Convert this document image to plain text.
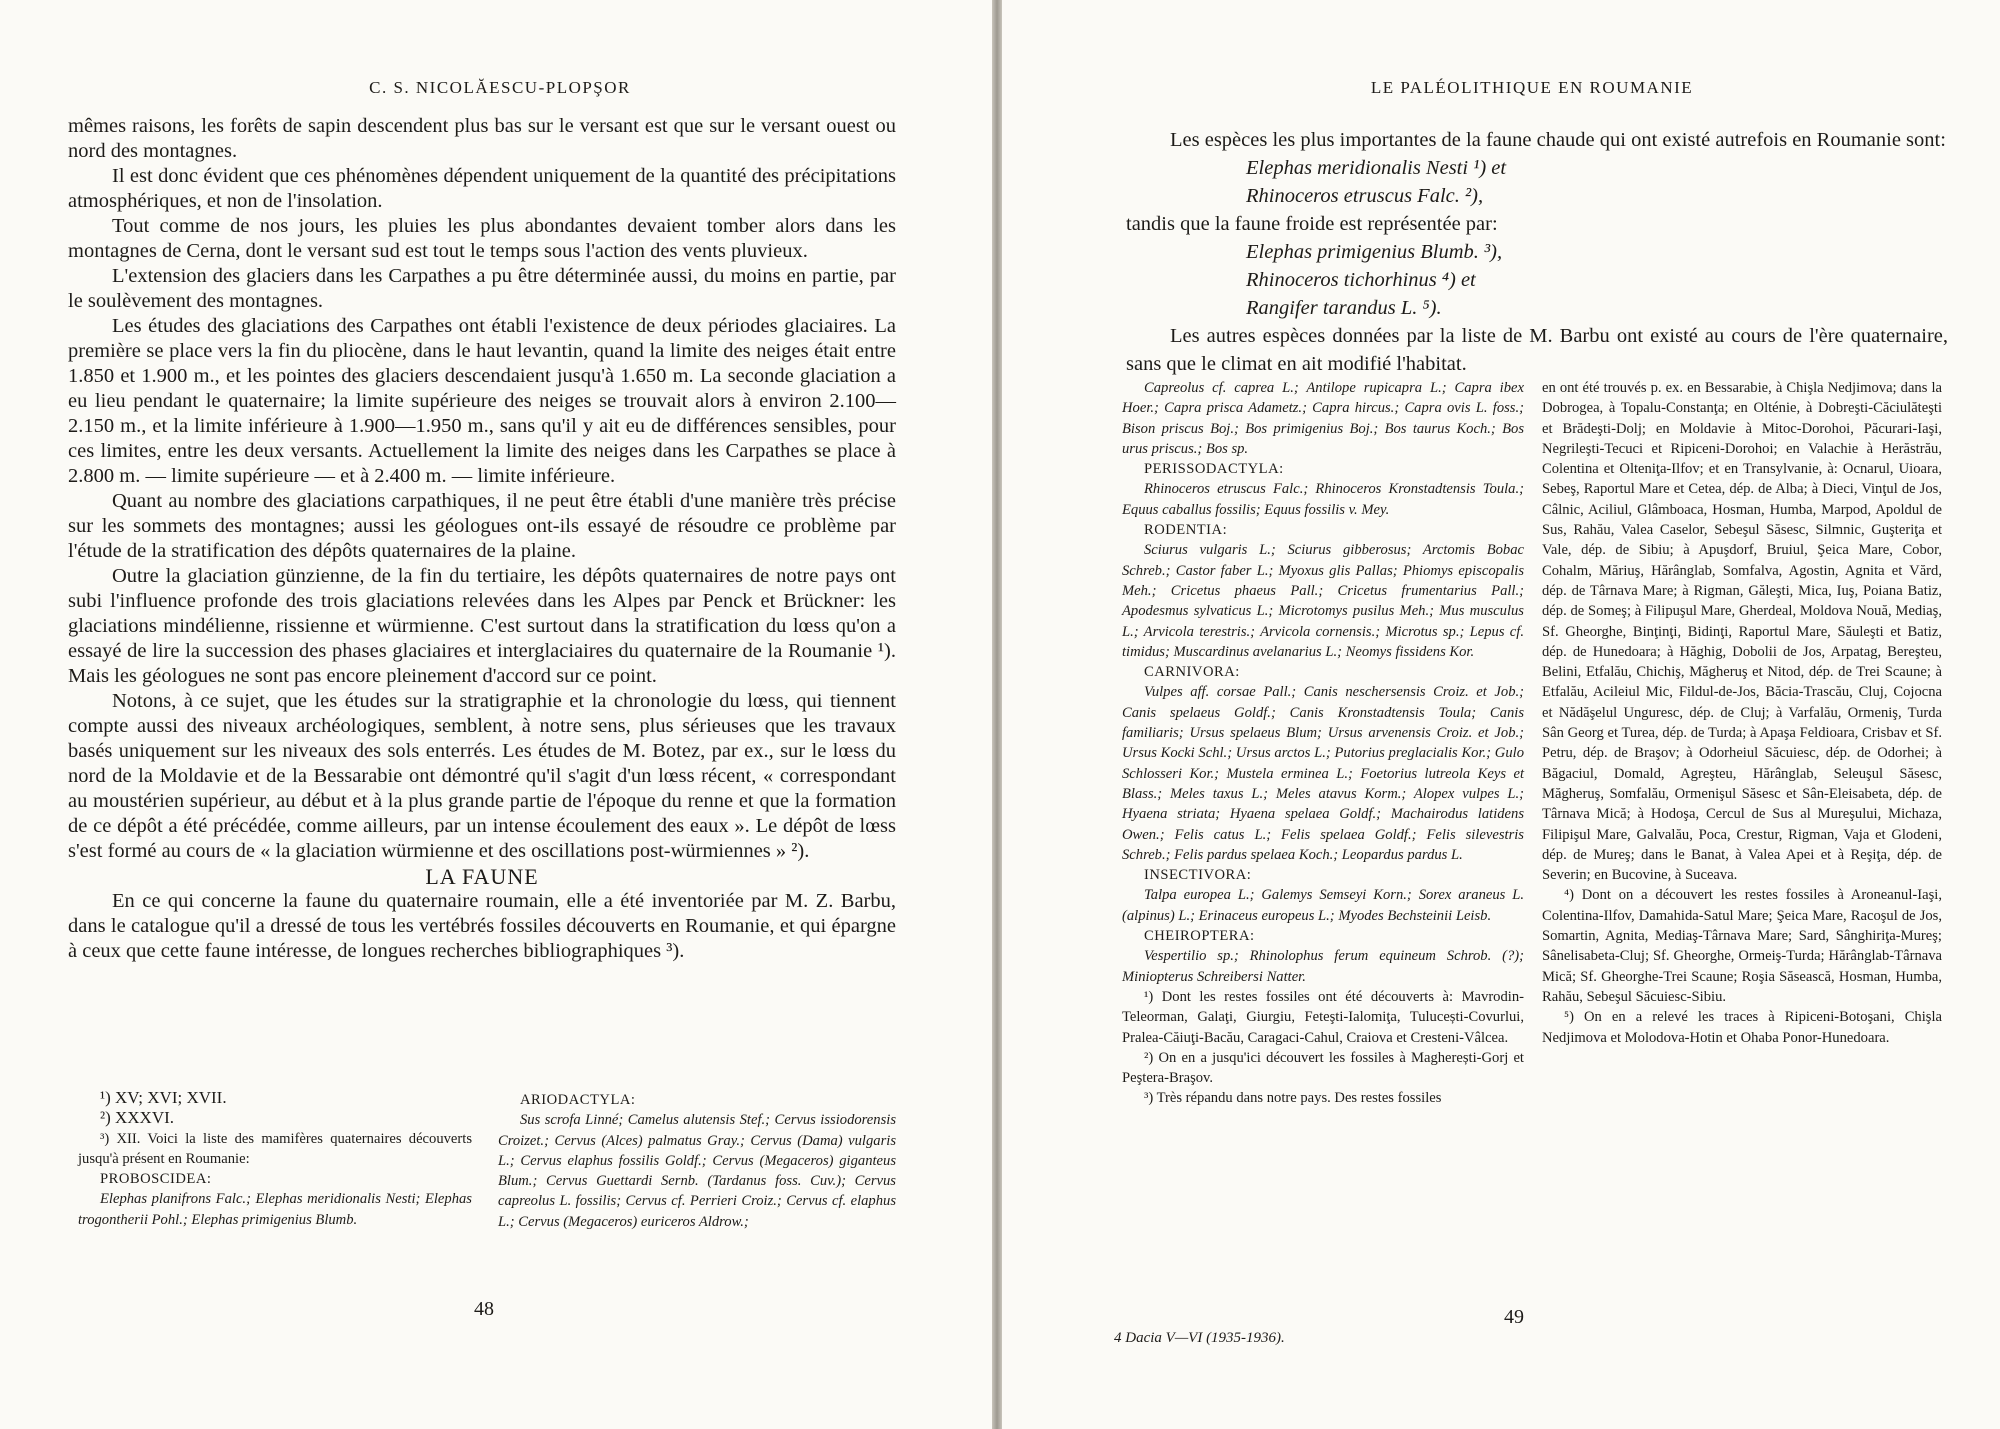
C. S. NICOLĂESCU-PLOPŞOR

mêmes raisons, les forêts de sapin descendent plus bas sur le versant est que sur le versant ouest ou nord des montagnes.

Il est donc évident que ces phénomènes dépendent uniquement de la quantité des précipitations atmosphériques, et non de l'insolation.

Tout comme de nos jours, les pluies les plus abondantes devaient tomber alors dans les montagnes de Cerna, dont le versant sud est tout le temps sous l'action des vents pluvieux.

L'extension des glaciers dans les Carpathes a pu être déterminée aussi, du moins en partie, par le soulèvement des montagnes.

Les études des glaciations des Carpathes ont établi l'existence de deux périodes glaciaires. La première se place vers la fin du pliocène, dans le haut levantin, quand la limite des neiges était entre 1.850 et 1.900 m., et les pointes des glaciers descendaient jusqu'à 1.650 m. La seconde glaciation a eu lieu pendant le quaternaire; la limite supérieure des neiges se trouvait alors à environ 2.100—2.150 m., et la limite inférieure à 1.900—1.950 m., sans qu'il y ait eu de différences sensibles, pour ces limites, entre les deux versants. Actuellement la limite des neiges dans les Carpathes se place à 2.800 m. — limite supérieure — et à 2.400 m. — limite inférieure.

Quant au nombre des glaciations carpathiques, il ne peut être établi d'une manière très précise sur les sommets des montagnes; aussi les géologues ont-ils essayé de résoudre ce problème par l'étude de la stratification des dépôts quaternaires de la plaine.

Outre la glaciation günzienne, de la fin du tertiaire, les dépôts quaternaires de notre pays ont subi l'influence profonde des trois glaciations relevées dans les Alpes par Penck et Brückner: les glaciations mindélienne, rissienne et würmienne. C'est surtout dans la stratification du lœss qu'on a essayé de lire la succession des phases glaciaires et interglaciaires du quaternaire de la Roumanie ¹). Mais les géologues ne sont pas encore pleinement d'accord sur ce point.

Notons, à ce sujet, que les études sur la stratigraphie et la chronologie du lœss, qui tiennent compte aussi des niveaux archéologiques, semblent, à notre sens, plus sérieuses que les travaux basés uniquement sur les niveaux des sols enterrés. Les études de M. Botez, par ex., sur le lœss du nord de la Moldavie et de la Bessarabie ont démontré qu'il s'agit d'un lœss récent, « correspondant au moustérien supérieur, au début et à la plus grande partie de l'époque du renne et que la formation de ce dépôt a été précédée, comme ailleurs, par un intense écoulement des eaux ». Le dépôt de lœss s'est formé au cours de « la glaciation würmienne et des oscillations post-würmiennes » ²).

LA FAUNE

En ce qui concerne la faune du quaternaire roumain, elle a été inventoriée par M. Z. Barbu, dans le catalogue qu'il a dressé de tous les vertébrés fossiles découverts en Roumanie, et qui épargne à ceux que cette faune intéresse, de longues recherches bibliographiques ³).

¹) XV; XVI; XVII.

²) XXXVI.

³) XII. Voici la liste des mamifères quaternaires découverts jusqu'à présent en Roumanie:

PROBOSCIDEA:

Elephas planifrons Falc.; Elephas meridionalis Nesti; Elephas trogontherii Pohl.; Elephas primigenius Blumb.

ARIODACTYLA:

Sus scrofa Linné; Camelus alutensis Stef.; Cervus issiodorensis Croizet.; Cervus (Alces) palmatus Gray.; Cervus (Dama) vulgaris L.; Cervus elaphus fossilis Goldf.; Cervus (Megaceros) giganteus Blum.; Cervus Guettardi Sernb. (Tardanus foss. Cuv.); Cervus capreolus L. fossilis; Cervus cf. Perrieri Croiz.; Cervus cf. elaphus L.; Cervus (Megaceros) euriceros Aldrow.;

48
LE PALÉOLITHIQUE EN ROUMANIE

Les espèces les plus importantes de la faune chaude qui ont existé autrefois en Roumanie sont:

Elephas meridionalis Nesti ¹) et

Rhinoceros etruscus Falc. ²),

tandis que la faune froide est représentée par:

Elephas primigenius Blumb. ³),

Rhinoceros tichorhinus ⁴) et

Rangifer tarandus L. ⁵).

Les autres espèces données par la liste de M. Barbu ont existé au cours de l'ère quaternaire, sans que le climat en ait modifié l'habitat.

Capreolus cf. caprea L.; Antilope rupicapra L.; Capra ibex Hoer.; Capra prisca Adametz.; Capra hircus.; Capra ovis L. foss.; Bison priscus Boj.; Bos primigenius Boj.; Bos taurus Koch.; Bos urus priscus.; Bos sp.

PERISSODACTYLA:

Rhinoceros etruscus Falc.; Rhinoceros Kronstadtensis Toula.; Equus caballus fossilis; Equus fossilis v. Mey.

RODENTIA:

Sciurus vulgaris L.; Sciurus gibberosus; Arctomis Bobac Schreb.; Castor faber L.; Myoxus glis Pallas; Phiomys episcopalis Meh.; Cricetus phaeus Pall.; Cricetus frumentarius Pall.; Apodesmus sylvaticus L.; Microtomys pusilus Meh.; Mus musculus L.; Arvicola terestris.; Arvicola cornensis.; Microtus sp.; Lepus cf. timidus; Muscardinus avelanarius L.; Neomys fissidens Kor.

CARNIVORA:

Vulpes aff. corsae Pall.; Canis neschersensis Croiz. et Job.; Canis spelaeus Goldf.; Canis Kronstadtensis Toula; Canis familiaris; Ursus spelaeus Blum; Ursus arvenensis Croiz. et Job.; Ursus Kocki Schl.; Ursus arctos L.; Putorius preglacialis Kor.; Gulo Schlosseri Kor.; Mustela erminea L.; Foetorius lutreola Keys et Blass.; Meles taxus L.; Meles atavus Korm.; Alopex vulpes L.; Hyaena striata; Hyaena spelaea Goldf.; Machairodus latidens Owen.; Felis catus L.; Felis spelaea Goldf.; Felis silevestris Schreb.; Felis pardus spelaea Koch.; Leopardus pardus L.

INSECTIVORA:

Talpa europea L.; Galemys Semseyi Korn.; Sorex araneus L. (alpinus) L.; Erinaceus europeus L.; Myodes Bechsteinii Leisb.

CHEIROPTERA:

Vespertilio sp.; Rhinolophus ferum equineum Schrob. (?); Miniopterus Schreibersi Natter.

¹) Dont les restes fossiles ont été découverts à: Mavrodin-Teleorman, Galaţi, Giurgiu, Feteşti-Ialomiţa, Tulucești-Covurlui, Pralea-Căiuţi-Bacău, Caragaci-Cahul, Craiova et Cresteni-Vâlcea.

²) On en a jusqu'ici découvert les fossiles à Magherești-Gorj et Peştera-Braşov.

³) Très répandu dans notre pays. Des restes fossiles

en ont été trouvés p. ex. en Bessarabie, à Chişla Nedjimova; dans la Dobrogea, à Topalu-Constanţa; en Olténie, à Dobreşti-Căciulăteşti et Brădeşti-Dolj; en Moldavie à Mitoc-Dorohoi, Păcurari-Iaşi, Negrileşti-Tecuci et Ripiceni-Dorohoi; en Valachie à Herăstrău, Colentina et Olteniţa-Ilfov; et en Transylvanie, à: Ocnarul, Uioara, Sebeş, Raportul Mare et Cetea, dép. de Alba; à Dieci, Vinţul de Jos, Câlnic, Aciliul, Glâmboaca, Hosman, Humba, Marpod, Apoldul de Sus, Rahău, Valea Caselor, Sebeşul Săsesc, Silmnic, Guşteriţa et Vale, dép. de Sibiu; à Apuşdorf, Bruiul, Şeica Mare, Cobor, Cohalm, Măriuş, Hărânglab, Somfalva, Agostin, Agnita et Vărd, dép. de Târnava Mare; à Rigman, Găleşti, Mica, Iuş, Poiana Batiz, dép. de Someş; à Filipuşul Mare, Gherdeal, Moldova Nouă, Mediaş, Sf. Gheorghe, Binţinţi, Bidinţi, Raportul Mare, Săuleşti et Batiz, dép. de Hunedoara; à Hăghig, Dobolii de Jos, Arpatag, Bereşteu, Belini, Etfalău, Chichiş, Măgheruş et Nitod, dép. de Trei Scaune; à Etfalău, Acileiul Mic, Fildul-de-Jos, Băcia-Trascău, Cluj, Cojocna et Nădăşelul Unguresc, dép. de Cluj; à Varfalău, Ormeniş, Turda Sân Georg et Turea, dép. de Turda; à Apaşa Feldioara, Crisbav et Sf. Petru, dép. de Braşov; à Odorheiul Săcuiesc, dép. de Odorhei; à Băgaciul, Domald, Agreşteu, Hărânglab, Seleuşul Săsesc, Măgheruş, Somfalău, Ormenişul Săsesc et Sân-Eleisabeta, dép. de Târnava Mică; à Hodoşa, Cercul de Sus al Mureşului, Michaza, Filipişul Mare, Galvalău, Poca, Crestur, Rigman, Vaja et Glodeni, dép. de Mureş; dans le Banat, à Valea Apei et à Reşiţa, dép. de Severin; en Bucovine, à Suceava.

⁴) Dont on a découvert les restes fossiles à Aroneanul-Iaşi, Colentina-Ilfov, Damahida-Satul Mare; Şeica Mare, Racoşul de Jos, Somartin, Agnita, Mediaş-Târnava Mare; Sard, Sânghiriţa-Mureş; Sânelisabeta-Cluj; Sf. Gheorghe, Ormeiş-Turda; Hărânglab-Târnava Mică; Sf. Gheorghe-Trei Scaune; Roşia Săsească, Hosman, Humba, Rahău, Sebeşul Săcuiesc-Sibiu.

⁵) On en a relevé les traces à Ripiceni-Botoşani, Chişla Nedjimova et Molodova-Hotin et Ohaba Ponor-Hunedoara.

49
4 Dacia V—VI (1935-1936).
